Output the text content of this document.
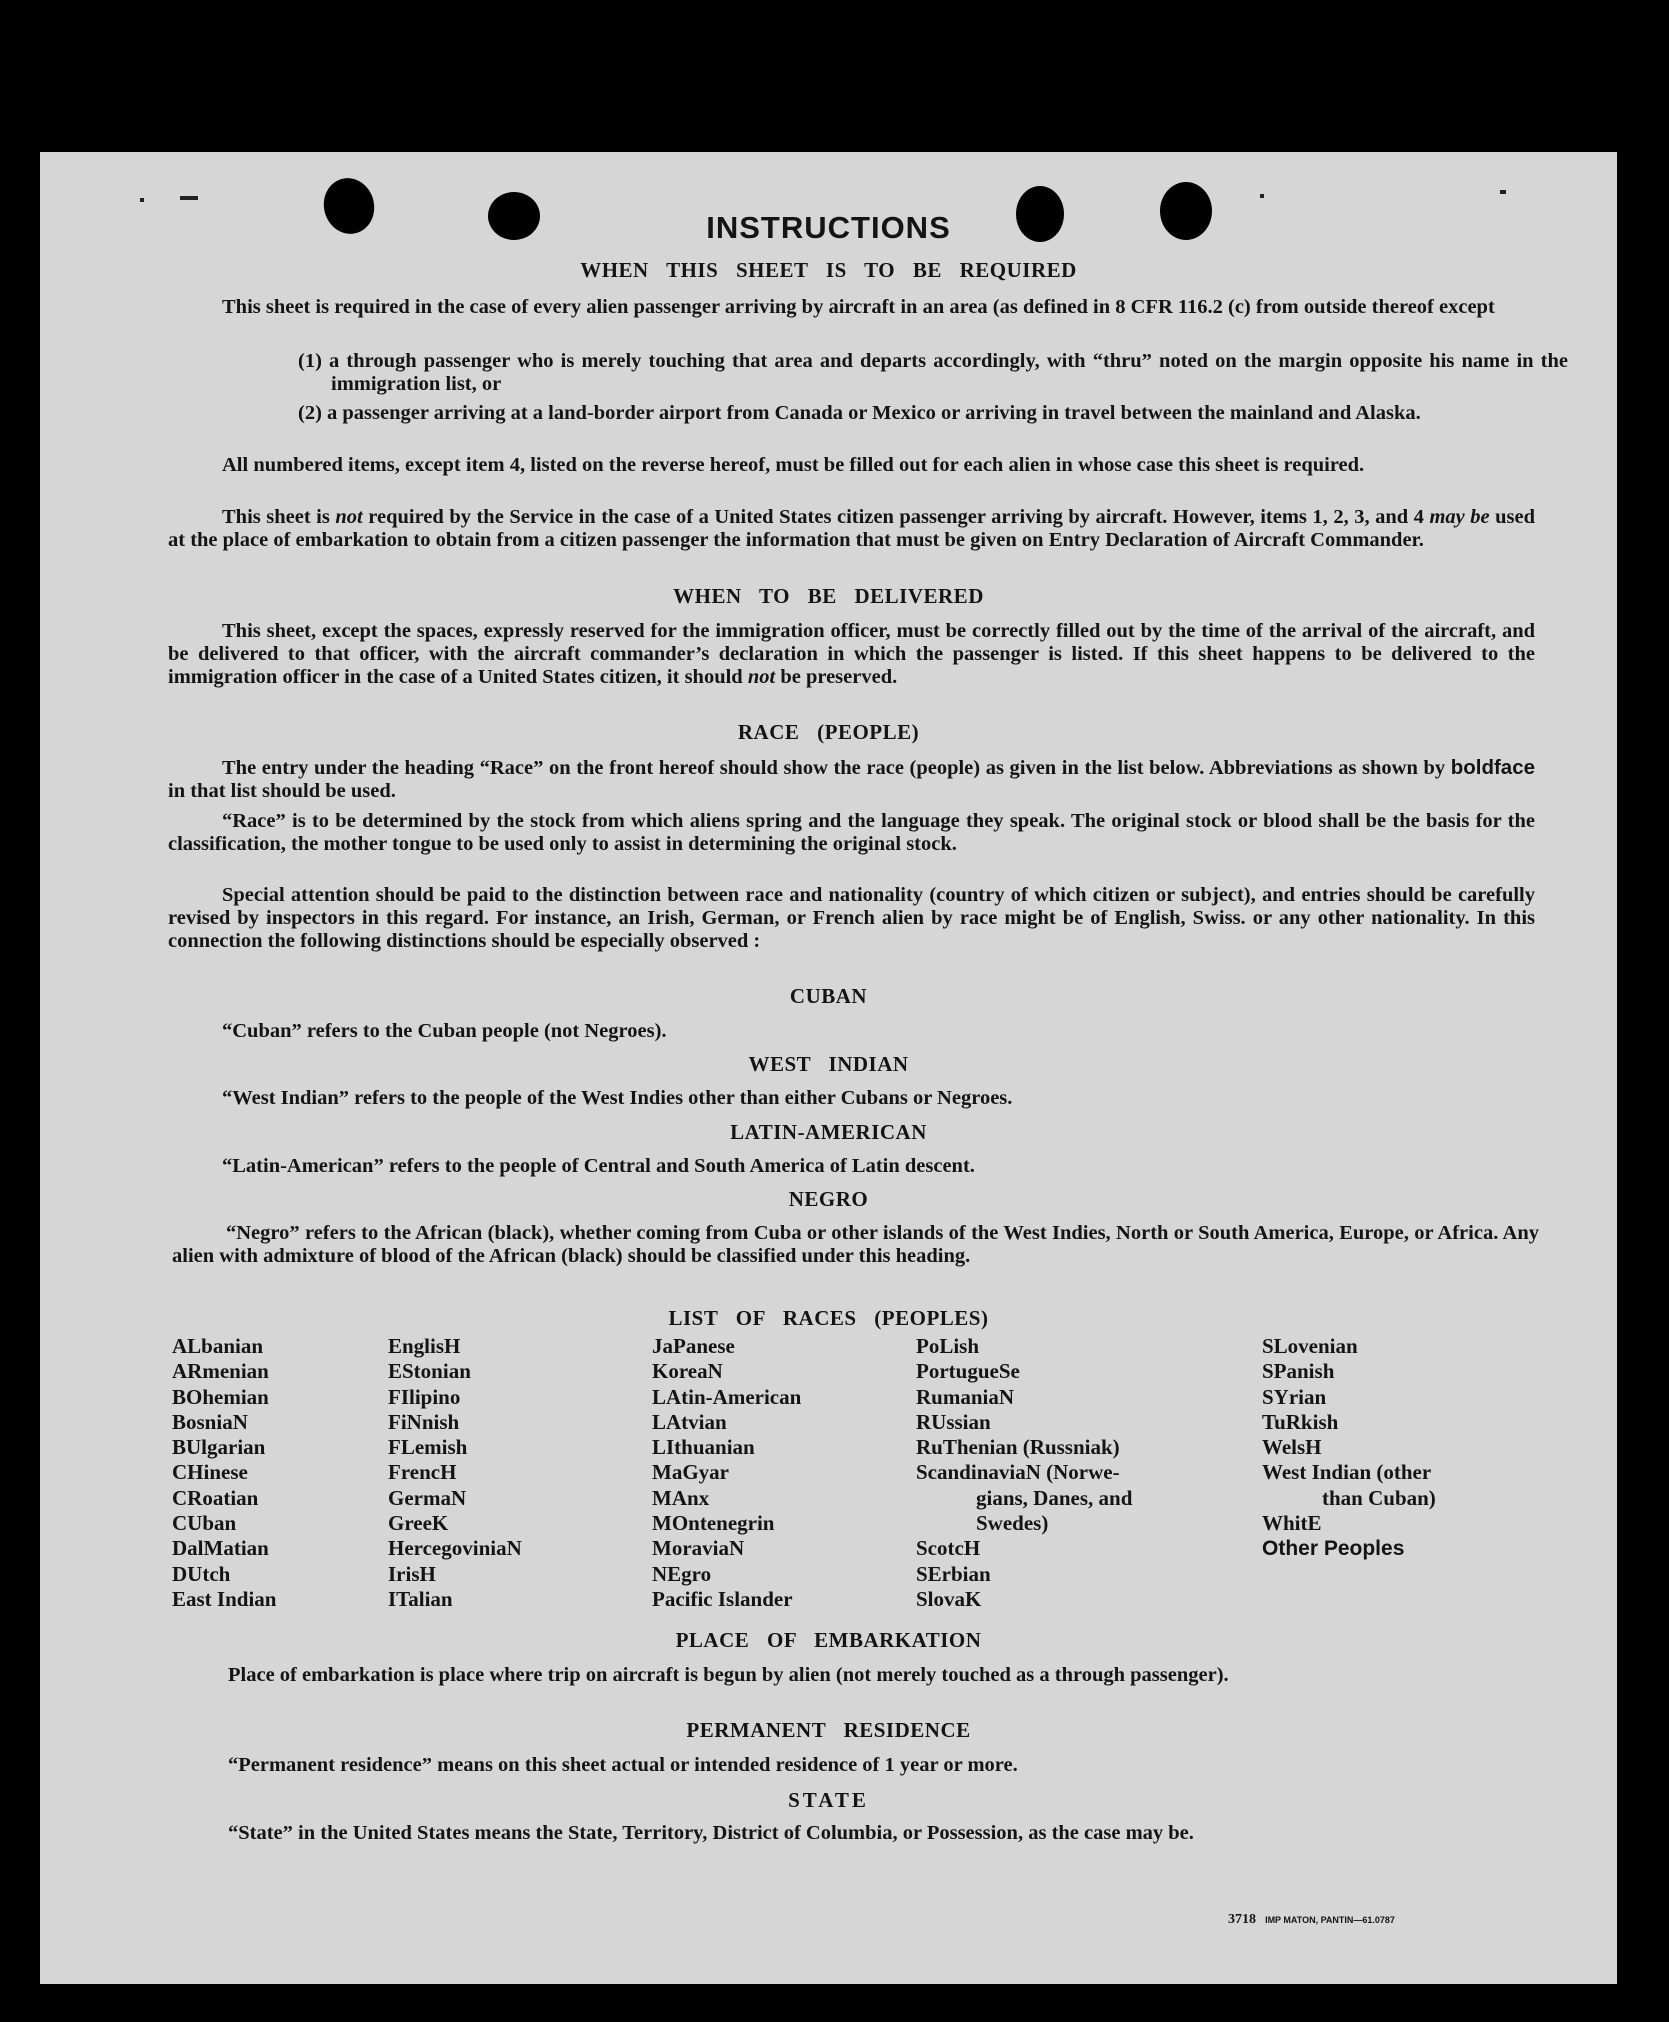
INSTRUCTIONS
WHEN THIS SHEET IS TO BE REQUIRED
This sheet is required in the case of every alien passenger arriving by aircraft in an area (as defined in 8 CFR 116.2 (c) from outside thereof except
(1) a through passenger who is merely touching that area and departs accordingly, with “thru” noted on the margin opposite his name in the immigration list, or
(2) a passenger arriving at a land-border airport from Canada or Mexico or arriving in travel between the mainland and Alaska.
All numbered items, except item 4, listed on the reverse hereof, must be filled out for each alien in whose case this sheet is required.
This sheet is not required by the Service in the case of a United States citizen passenger arriving by aircraft. However, items 1, 2, 3, and 4 may be used at the place of embarkation to obtain from a citizen passenger the information that must be given on Entry Declaration of Aircraft Commander.
WHEN TO BE DELIVERED
This sheet, except the spaces, expressly reserved for the immigration officer, must be correctly filled out by the time of the arrival of the aircraft, and be delivered to that officer, with the aircraft commander’s declaration in which the passenger is listed. If this sheet happens to be delivered to the immigration officer in the case of a United States citizen, it should not be preserved.
RACE (PEOPLE)
The entry under the heading “Race” on the front hereof should show the race (people) as given in the list below. Abbreviations as shown by boldface in that list should be used.
“Race” is to be determined by the stock from which aliens spring and the language they speak. The original stock or blood shall be the basis for the classification, the mother tongue to be used only to assist in determining the original stock.
Special attention should be paid to the distinction between race and nationality (country of which citizen or subject), and entries should be carefully revised by inspectors in this regard. For instance, an Irish, German, or French alien by race might be of English, Swiss. or any other nationality. In this connection the following distinctions should be especially observed :
CUBAN
“Cuban” refers to the Cuban people (not Negroes).
WEST INDIAN
“West Indian” refers to the people of the West Indies other than either Cubans or Negroes.
LATIN-AMERICAN
“Latin-American” refers to the people of Central and South America of Latin descent.
NEGRO
“Negro” refers to the African (black), whether coming from Cuba or other islands of the West Indies, North or South America, Europe, or Africa. Any alien with admixture of blood of the African (black) should be classified under this heading.
LIST OF RACES (PEOPLES)
ALbanian
ARmenian
BOhemian
BosniaN
BUlgarian
CHinese
CRoatian
CUban
DalMatian
DUtch
East Indian
EnglisH
EStonian
FIlipino
FiNnish
FLemish
FrencH
GermaN
GreeK
HercegoviniaN
IrisH
ITalian
JaPanese
KoreaN
LAtin-American
LAtvian
LIthuanian
MaGyar
MAnx
MOntenegrin
MoraviaN
NEgro
Pacific Islander
PoLish
PortugueSe
RumaniaN
RUssian
RuThenian (Russniak)
ScandinaviaN (Norwe-
gians, Danes, and
Swedes)
ScotcH
SErbian
SlovaK
SLovenian
SPanish
SYrian
TuRkish
WelsH
West Indian (other
than Cuban)
WhitE
Other Peoples
PLACE OF EMBARKATION
Place of embarkation is place where trip on aircraft is begun by alien (not merely touched as a through passenger).
PERMANENT RESIDENCE
“Permanent residence” means on this sheet actual or intended residence of 1 year or more.
STATE
“State” in the United States means the State, Territory, District of Columbia, or Possession, as the case may be.
3718 IMP MATON, PANTIN—61.0787
